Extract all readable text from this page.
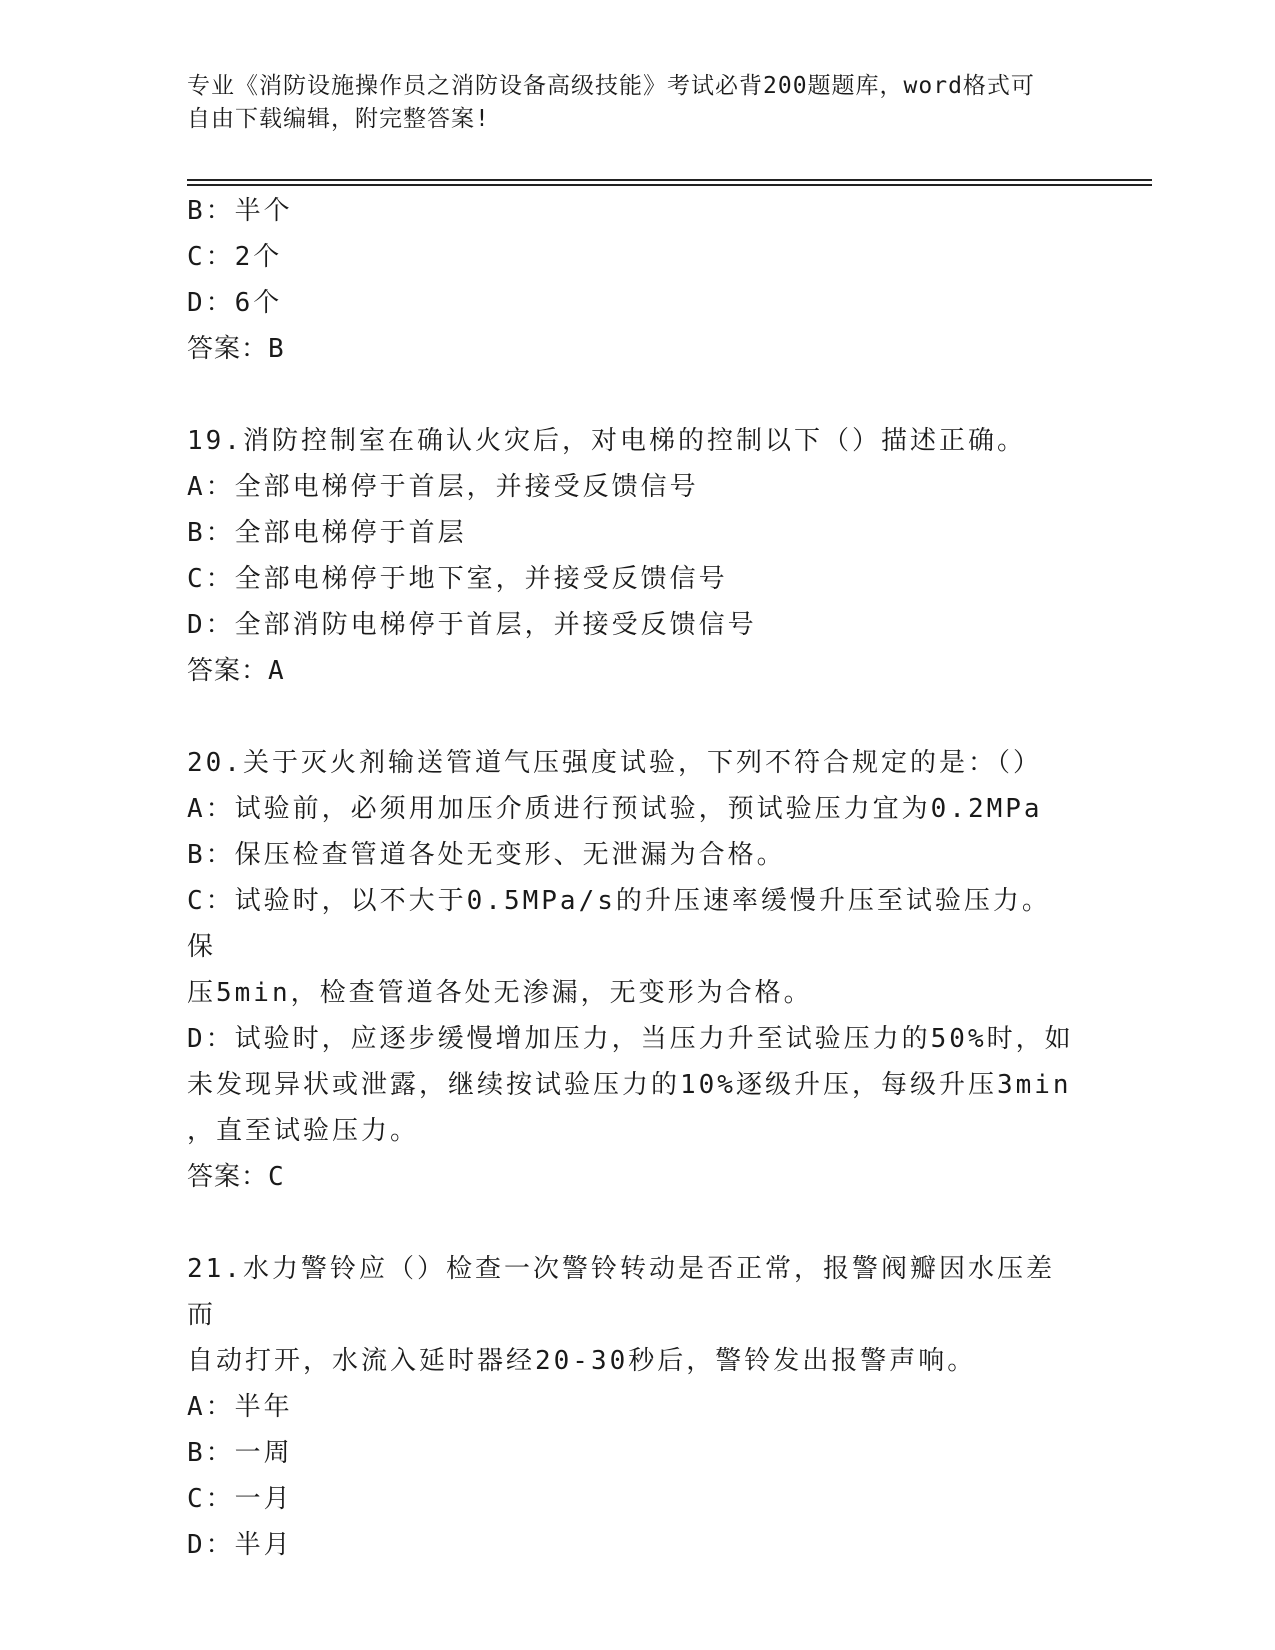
专业《消防设施操作员之消防设备高级技能》考试必背200题题库，word格式可
自由下载编辑，附完整答案!
B：半个
C：2个
D：6个
答案：B
19.消防控制室在确认火灾后，对电梯的控制以下（）描述正确。
A：全部电梯停于首层，并接受反馈信号
B：全部电梯停于首层
C：全部电梯停于地下室，并接受反馈信号
D：全部消防电梯停于首层，并接受反馈信号
答案：A
20.关于灭火剂输送管道气压强度试验，下列不符合规定的是：（）
A：试验前，必须用加压介质进行预试验，预试验压力宜为0.2MPa
B：保压检查管道各处无变形、无泄漏为合格。
C：试验时，以不大于0.5MPa/s的升压速率缓慢升压至试验压力。保
压5min，检查管道各处无渗漏，无变形为合格。
D：试验时，应逐步缓慢增加压力，当压力升至试验压力的50%时，如
未发现异状或泄露，继续按试验压力的10%逐级升压，每级升压3min
，直至试验压力。
答案：C
21.水力警铃应（）检查一次警铃转动是否正常，报警阀瓣因水压差而
自动打开，水流入延时器经20-30秒后，警铃发出报警声响。
A：半年
B：一周
C：一月
D：半月
